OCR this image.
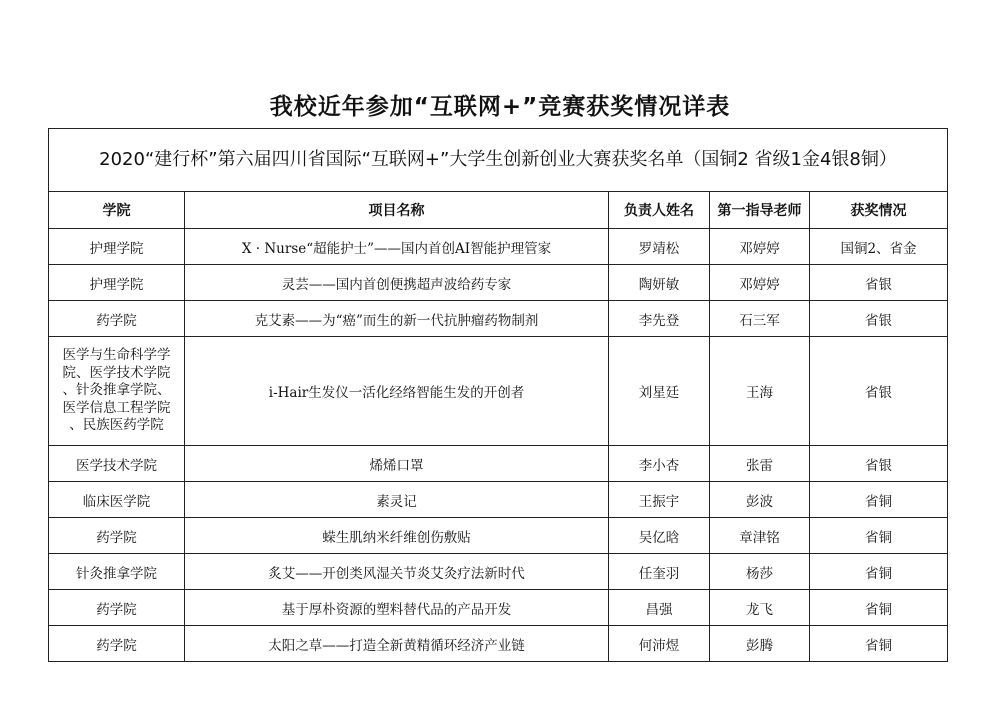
我校近年参加“互联网+”竞赛获奖情况详表
2020“建行杯”第六届四川省国际“互联网+”大学生创新创业大赛获奖名单（国铜2 省级1金4银8铜）				

学院	项目名称	负责人姓名	第一指导老师	获奖情况
护理学院	X · Nurse“超能护士”——国内首创AI智能护理管家	罗靖松	邓婷婷	国铜2、省金
护理学院	灵芸——国内首创便携超声波给药专家	陶妍敏	邓婷婷	省银
药学院	克艾素——为“癌”而生的新一代抗肿瘤药物制剂	李先登	石三军	省银
医学与生命科学学
院、医学技术学院
、针灸推拿学院、
医学信息工程学院
、民族医药学院	i-Hair生发仪一活化经络智能生发的开创者	刘星廷	王海	省银
医学技术学院	烯烯口罩	李小杏	张雷	省银
临床医学院	素灵记	王振宇	彭波	省铜
药学院	蝾生肌纳米纤维创伤敷贴	吴亿晗	章津铭	省铜
针灸推拿学院	炙艾——开创类风湿关节炎艾灸疗法新时代	任奎羽	杨莎	省铜
药学院	基于厚朴资源的塑料替代品的产品开发	昌强	龙飞	省铜
药学院	太阳之草——打造全新黄精循环经济产业链	何沛煜	彭腾	省铜
